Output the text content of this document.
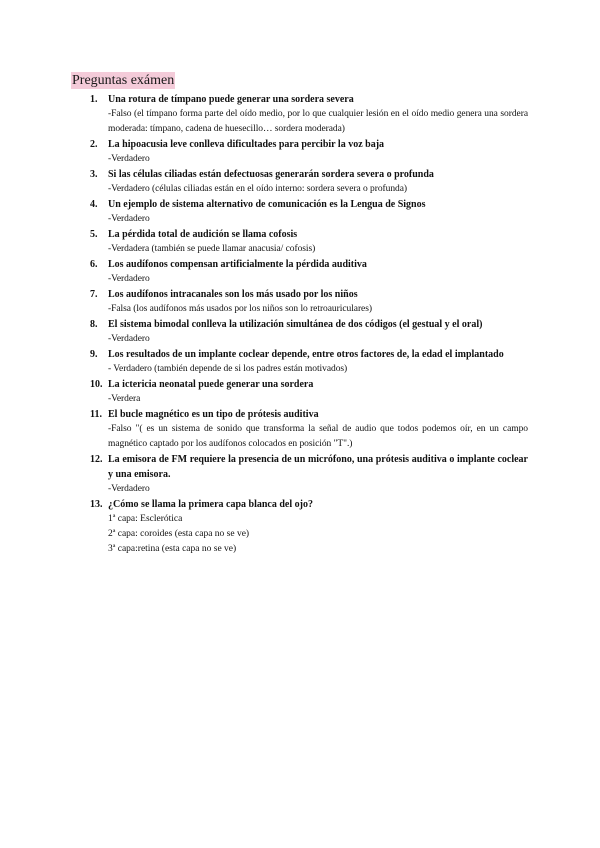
Preguntas exámen
1. Una rotura de tímpano puede generar una sordera severa
-Falso (el tímpano forma parte del oído medio, por lo que cualquier lesión en el oído medio genera una sordera moderada: tímpano, cadena de huesecillo… sordera moderada)
2. La hipoacusia leve conlleva dificultades para percibir la voz baja
-Verdadero
3. Si las células ciliadas están defectuosas generarán sordera severa o profunda
-Verdadero (células ciliadas están en el oído interno: sordera severa o profunda)
4. Un ejemplo de sistema alternativo de comunicación es la Lengua de Signos
-Verdadero
5. La pérdida total de audición se llama cofosis
-Verdadera (también se puede llamar anacusia/ cofosis)
6. Los audífonos compensan artificialmente la pérdida auditiva
-Verdadero
7. Los audífonos intracanales son los más usado por los niños
-Falsa (los audífonos más usados por los niños son lo retroauriculares)
8. El sistema bimodal conlleva la utilización simultánea de dos códigos (el gestual y el oral)
-Verdadero
9. Los resultados de un implante coclear depende, entre otros factores de, la edad el implantado
- Verdadero (también depende de si los padres están motivados)
10. La ictericia neonatal puede generar una sordera
-Verdera
11. El bucle magnético es un tipo de prótesis auditiva
-Falso "( es un sistema de sonido que transforma la señal de audio que todos podemos oír, en un campo magnético captado por los audífonos colocados en posición "T".)
12. La emisora de FM requiere la presencia de un micrófono, una prótesis auditiva o implante coclear y una emisora.
-Verdadero
13. ¿Cómo se llama la primera capa blanca del ojo?
1ª capa: Esclerótica
2ª capa: coroides (esta capa no se ve)
3ª capa:retina (esta capa no se ve)
